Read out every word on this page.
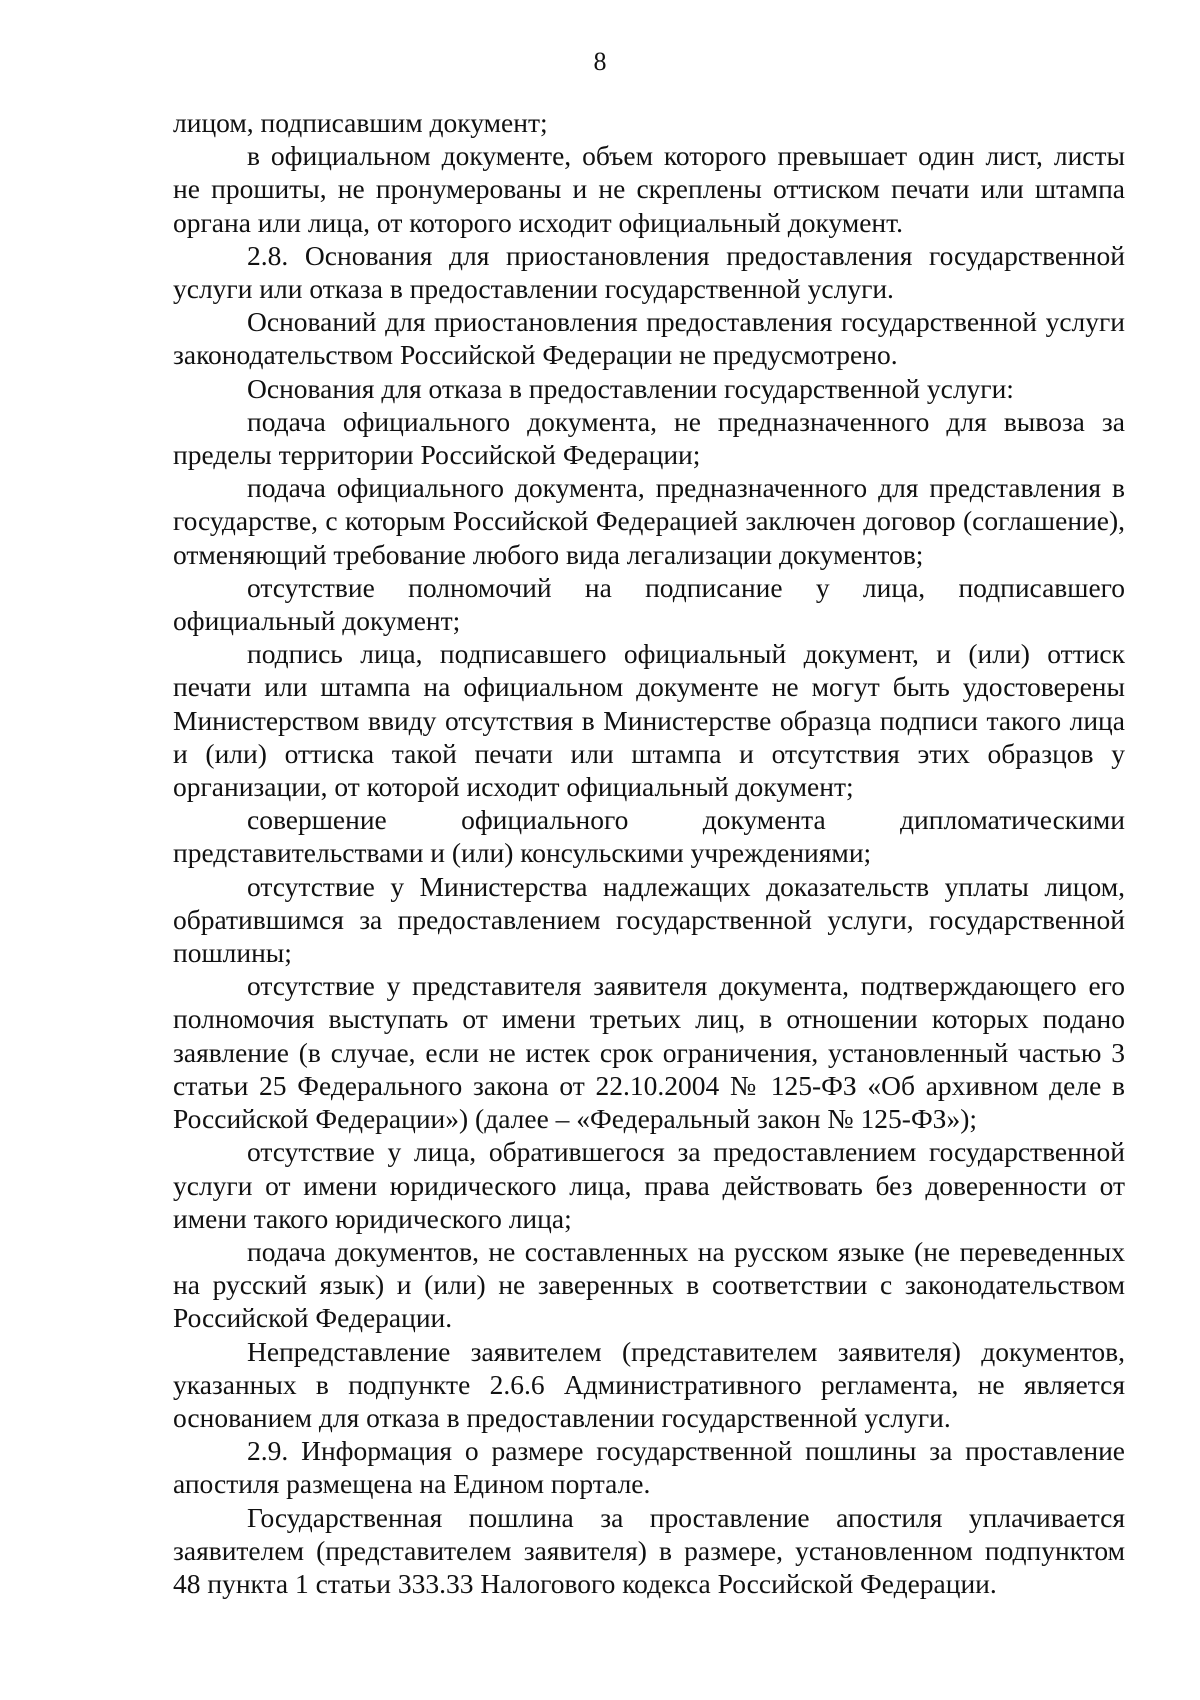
8

лицом, подписавшим документ;

в официальном документе, объем которого превышает один лист, листы не прошиты, не пронумерованы и не скреплены оттиском печати или штампа органа или лица, от которого исходит официальный документ.

2.8. Основания для приостановления предоставления государственной услуги или отказа в предоставлении государственной услуги.

Оснований для приостановления предоставления государственной услуги законодательством Российской Федерации не предусмотрено.

Основания для отказа в предоставлении государственной услуги:

подача официального документа, не предназначенного для вывоза за пределы территории Российской Федерации;

подача официального документа, предназначенного для представления в государстве, с которым Российской Федерацией заключен договор (соглашение), отменяющий требование любого вида легализации документов;

отсутствие полномочий на подписание у лица, подписавшего официальный документ;

подпись лица, подписавшего официальный документ, и (или) оттиск печати или штампа на официальном документе не могут быть удостоверены Министерством ввиду отсутствия в Министерстве образца подписи такого лица и (или) оттиска такой печати или штампа и отсутствия этих образцов у организации, от которой исходит официальный документ;

совершение официального документа дипломатическими представительствами и (или) консульскими учреждениями;

отсутствие у Министерства надлежащих доказательств уплаты лицом, обратившимся за предоставлением государственной услуги, государственной пошлины;

отсутствие у представителя заявителя документа, подтверждающего его полномочия выступать от имени третьих лиц, в отношении которых подано заявление (в случае, если не истек срок ограничения, установленный частью 3 статьи 25 Федерального закона от 22.10.2004 № 125-ФЗ «Об архивном деле в Российской Федерации») (далее – «Федеральный закон № 125-ФЗ»);

отсутствие у лица, обратившегося за предоставлением государственной услуги от имени юридического лица, права действовать без доверенности от имени такого юридического лица;

подача документов, не составленных на русском языке (не переведенных на русский язык) и (или) не заверенных в соответствии с законодательством Российской Федерации.

Непредставление заявителем (представителем заявителя) документов, указанных в подпункте 2.6.6 Административного регламента, не является основанием для отказа в предоставлении государственной услуги.

2.9. Информация о размере государственной пошлины за проставление апостиля размещена на Едином портале.

Государственная пошлина за проставление апостиля уплачивается заявителем (представителем заявителя) в размере, установленном подпунктом 48 пункта 1 статьи 333.33 Налогового кодекса Российской Федерации.
